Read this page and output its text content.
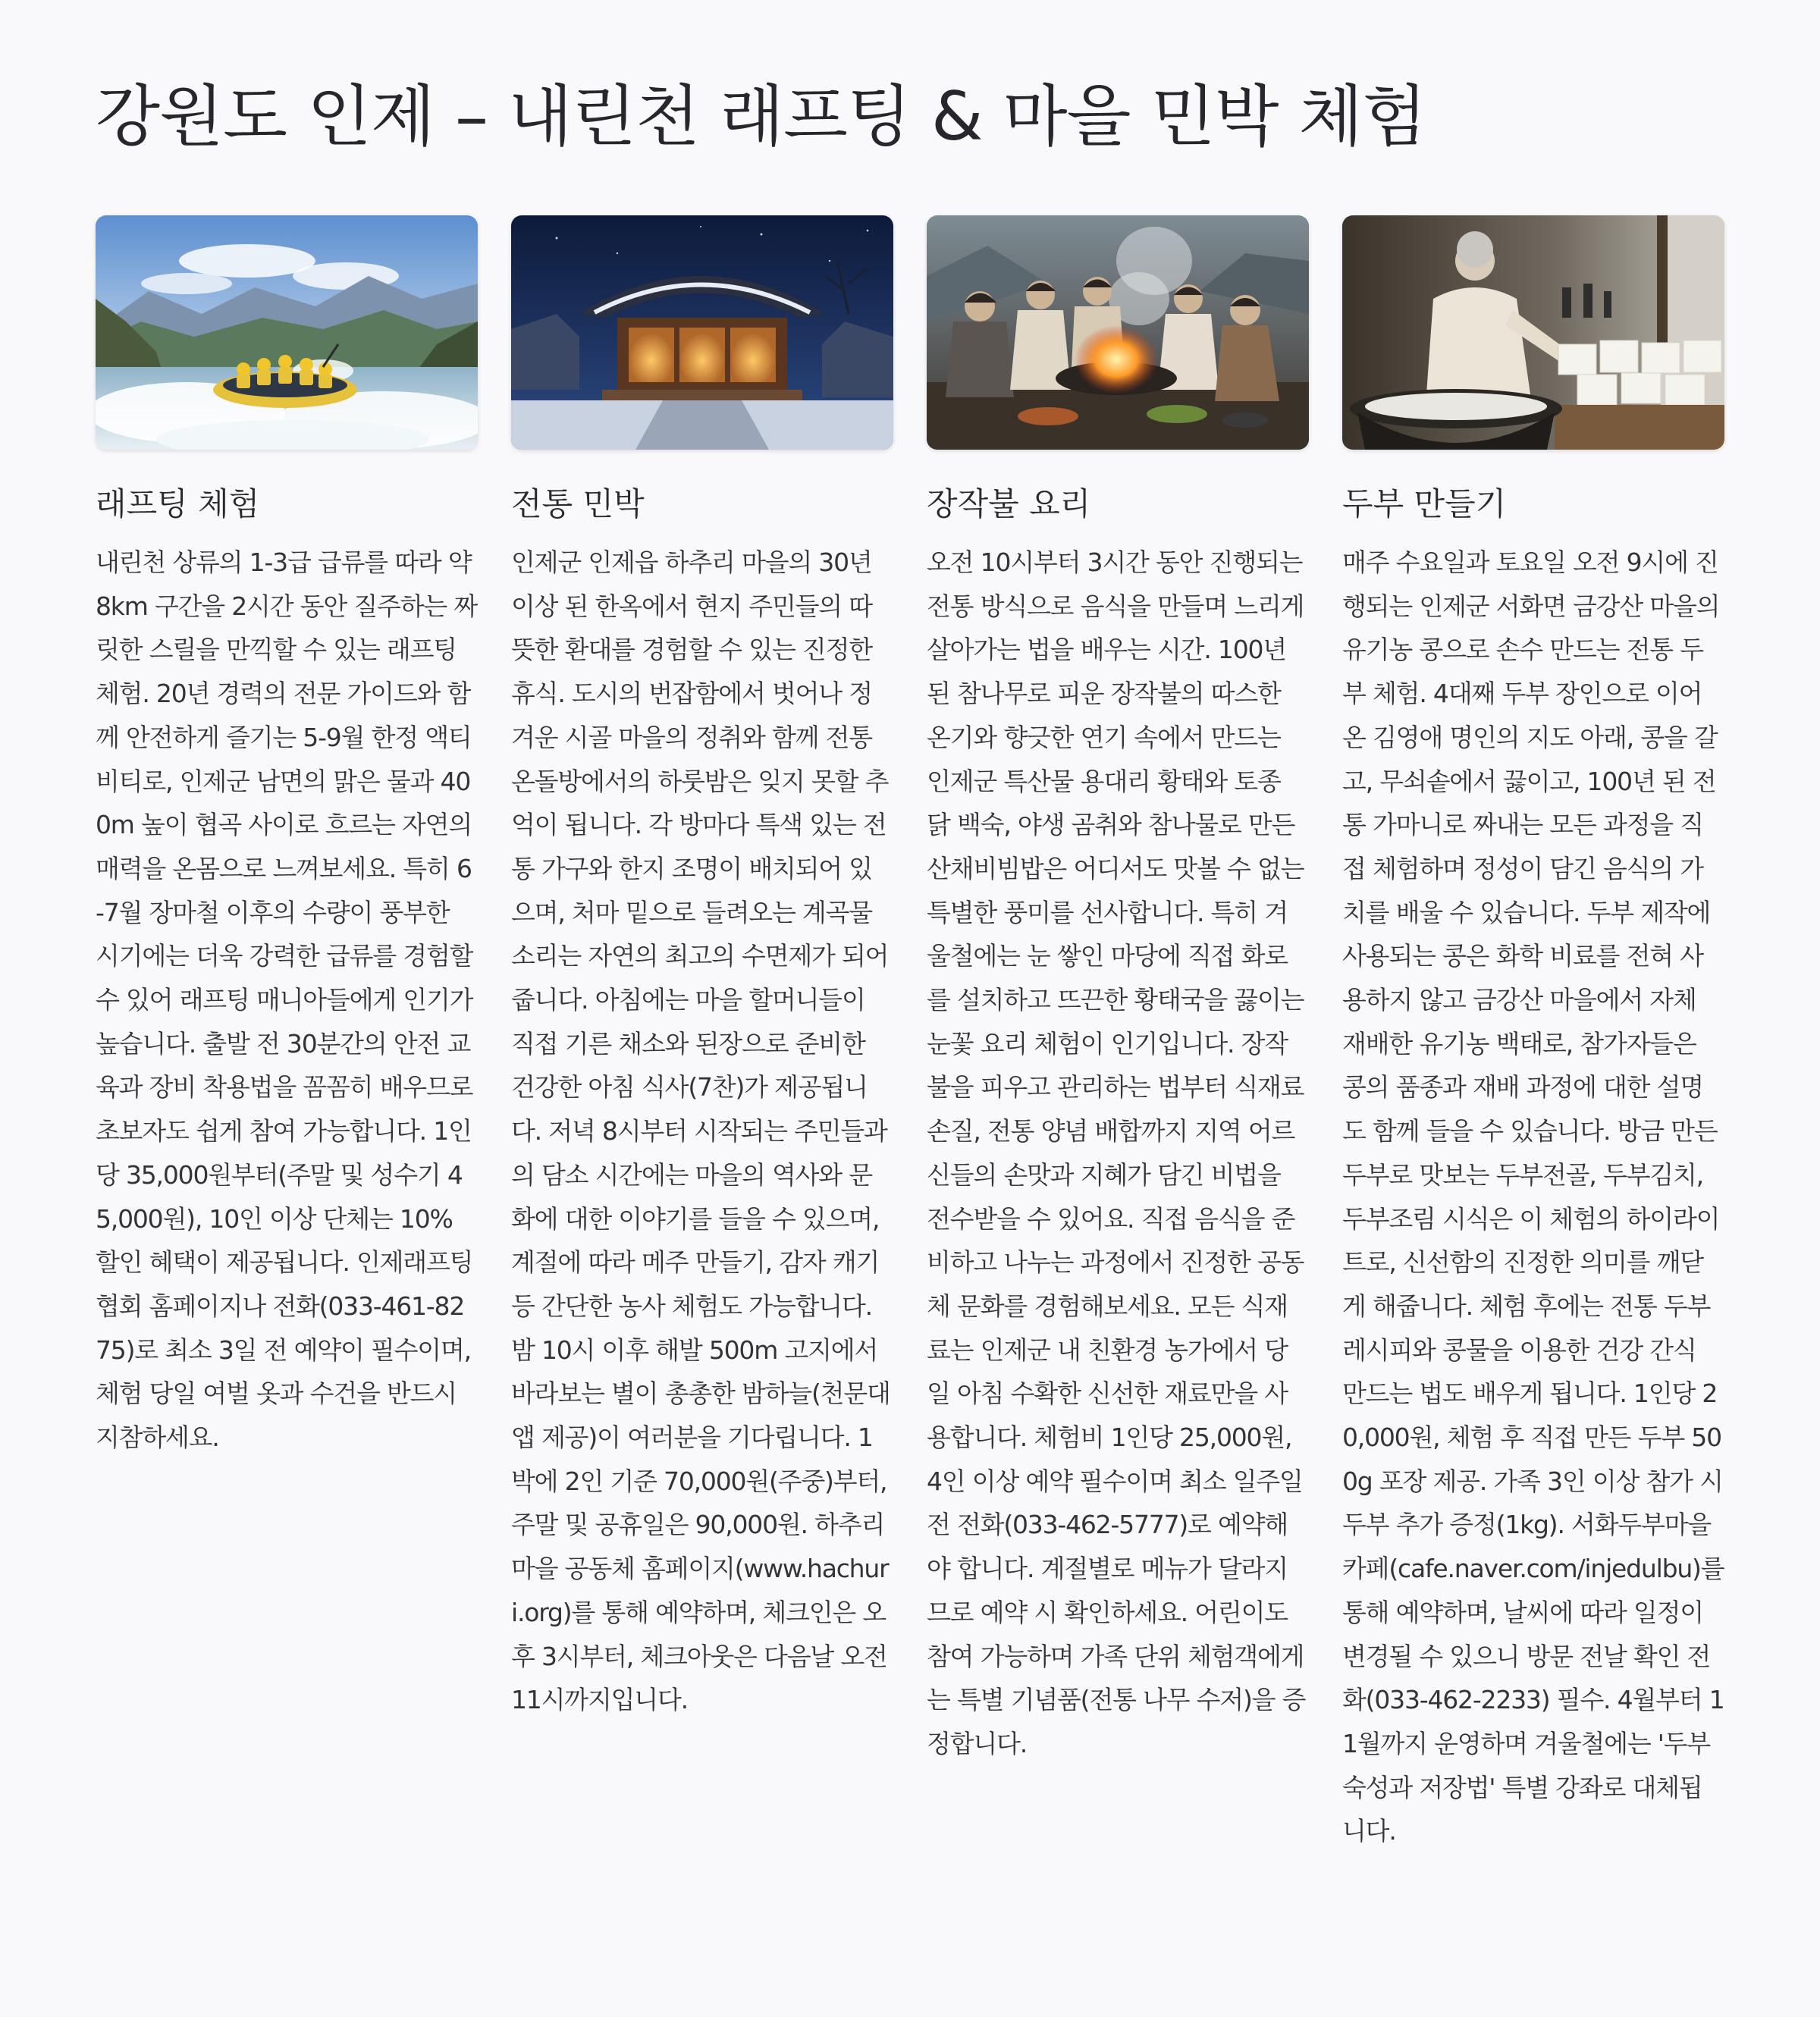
강원도 인제 – 내린천 래프팅 & 마을 민박 체험
래프팅 체험

내린천 상류의 1-3급 급류를 따라 약 8km 구간을 2시간 동안 질주하는 짜릿한 스릴을 만끽할 수 있는 래프팅 체험. 20년 경력의 전문 가이드와 함께 안전하게 즐기는 5-9월 한정 액티비티로, 인제군 남면의 맑은 물과 400m 높이 협곡 사이로 흐르는 자연의 매력을 온몸으로 느껴보세요. 특히 6-7월 장마철 이후의 수량이 풍부한 시기에는 더욱 강력한 급류를 경험할 수 있어 래프팅 매니아들에게 인기가 높습니다. 출발 전 30분간의 안전 교육과 장비 착용법을 꼼꼼히 배우므로 초보자도 쉽게 참여 가능합니다. 1인당 35,000원부터(주말 및 성수기 45,000원), 10인 이상 단체는 10% 할인 혜택이 제공됩니다. 인제래프팅협회 홈페이지나 전화(033-461-8275)로 최소 3일 전 예약이 필수이며, 체험 당일 여벌 옷과 수건을 반드시 지참하세요.

전통 민박

인제군 인제읍 하추리 마을의 30년 이상 된 한옥에서 현지 주민들의 따뜻한 환대를 경험할 수 있는 진정한 휴식. 도시의 번잡함에서 벗어나 정겨운 시골 마을의 정취와 함께 전통 온돌방에서의 하룻밤은 잊지 못할 추억이 됩니다. 각 방마다 특색 있는 전통 가구와 한지 조명이 배치되어 있으며, 처마 밑으로 들려오는 계곡물 소리는 자연의 최고의 수면제가 되어줍니다. 아침에는 마을 할머니들이 직접 기른 채소와 된장으로 준비한 건강한 아침 식사(7찬)가 제공됩니다. 저녁 8시부터 시작되는 주민들과의 담소 시간에는 마을의 역사와 문화에 대한 이야기를 들을 수 있으며, 계절에 따라 메주 만들기, 감자 캐기 등 간단한 농사 체험도 가능합니다. 밤 10시 이후 해발 500m 고지에서 바라보는 별이 총총한 밤하늘(천문대 앱 제공)이 여러분을 기다립니다. 1박에 2인 기준 70,000원(주중)부터, 주말 및 공휴일은 90,000원. 하추리마을 공동체 홈페이지(www.hachuri.org)를 통해 예약하며, 체크인은 오후 3시부터, 체크아웃은 다음날 오전 11시까지입니다.

장작불 요리

오전 10시부터 3시간 동안 진행되는 전통 방식으로 음식을 만들며 느리게 살아가는 법을 배우는 시간. 100년 된 참나무로 피운 장작불의 따스한 온기와 향긋한 연기 속에서 만드는 인제군 특산물 용대리 황태와 토종 닭 백숙, 야생 곰취와 참나물로 만든 산채비빔밥은 어디서도 맛볼 수 없는 특별한 풍미를 선사합니다. 특히 겨울철에는 눈 쌓인 마당에 직접 화로를 설치하고 뜨끈한 황태국을 끓이는 눈꽃 요리 체험이 인기입니다. 장작불을 피우고 관리하는 법부터 식재료 손질, 전통 양념 배합까지 지역 어르신들의 손맛과 지혜가 담긴 비법을 전수받을 수 있어요. 직접 음식을 준비하고 나누는 과정에서 진정한 공동체 문화를 경험해보세요. 모든 식재료는 인제군 내 친환경 농가에서 당일 아침 수확한 신선한 재료만을 사용합니다. 체험비 1인당 25,000원, 4인 이상 예약 필수이며 최소 일주일 전 전화(033-462-5777)로 예약해야 합니다. 계절별로 메뉴가 달라지므로 예약 시 확인하세요. 어린이도 참여 가능하며 가족 단위 체험객에게는 특별 기념품(전통 나무 수저)을 증정합니다.

두부 만들기

매주 수요일과 토요일 오전 9시에 진행되는 인제군 서화면 금강산 마을의 유기농 콩으로 손수 만드는 전통 두부 체험. 4대째 두부 장인으로 이어온 김영애 명인의 지도 아래, 콩을 갈고, 무쇠솥에서 끓이고, 100년 된 전통 가마니로 짜내는 모든 과정을 직접 체험하며 정성이 담긴 음식의 가치를 배울 수 있습니다. 두부 제작에 사용되는 콩은 화학 비료를 전혀 사용하지 않고 금강산 마을에서 자체 재배한 유기농 백태로, 참가자들은 콩의 품종과 재배 과정에 대한 설명도 함께 들을 수 있습니다. 방금 만든 두부로 맛보는 두부전골, 두부김치, 두부조림 시식은 이 체험의 하이라이트로, 신선함의 진정한 의미를 깨닫게 해줍니다. 체험 후에는 전통 두부 레시피와 콩물을 이용한 건강 간식 만드는 법도 배우게 됩니다. 1인당 20,000원, 체험 후 직접 만든 두부 500g 포장 제공. 가족 3인 이상 참가 시 두부 추가 증정(1kg). 서화두부마을 카페(cafe.naver.com/injedulbu)를 통해 예약하며, 날씨에 따라 일정이 변경될 수 있으니 방문 전날 확인 전화(033-462-2233) 필수. 4월부터 11월까지 운영하며 겨울철에는 '두부 숙성과 저장법' 특별 강좌로 대체됩니다.
